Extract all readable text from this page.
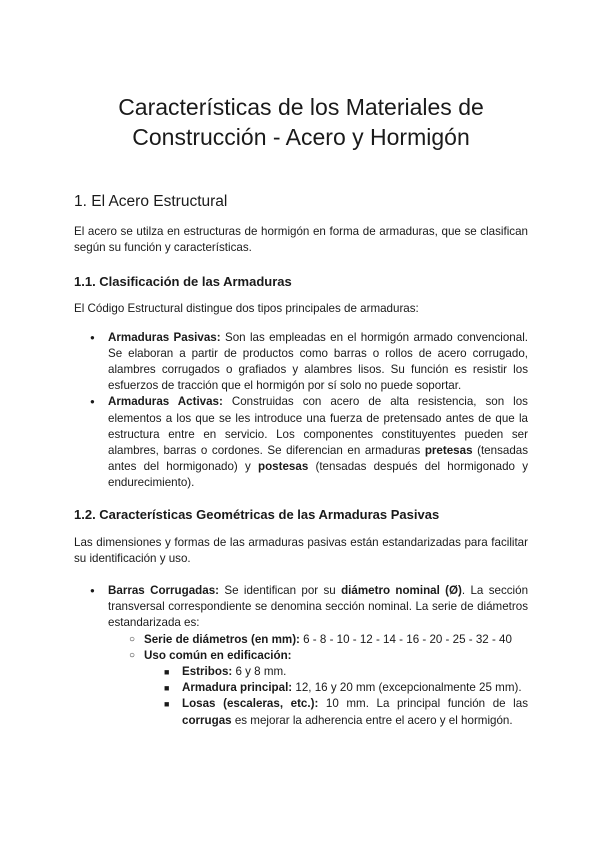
Características de los Materiales de Construcción - Acero y Hormigón
1. El Acero Estructural

El acero se utilza en estructuras de hormigón en forma de armaduras, que se clasifican según su función y características.

1.1. Clasificación de las Armaduras

El Código Estructural distingue dos tipos principales de armaduras:

● Armaduras Pasivas: Son las empleadas en el hormigón armado convencional. Se elaboran a partir de productos como barras o rollos de acero corrugado, alambres corrugados o grafiados y alambres lisos. Su función es resistir los esfuerzos de tracción que el hormigón por sí solo no puede soportar.
● Armaduras Activas: Construidas con acero de alta resistencia, son los elementos a los que se les introduce una fuerza de pretensado antes de que la estructura entre en servicio. Los componentes constituyentes pueden ser alambres, barras o cordones. Se diferencian en armaduras pretesas (tensadas antes del hormigonado) y postesas (tensadas después del hormigonado y endurecimiento).
1.2. Características Geométricas de las Armaduras Pasivas

Las dimensiones y formas de las armaduras pasivas están estandarizadas para facilitar su identificación y uso.

● Barras Corrugadas: Se identifican por su diámetro nominal (Ø). La sección transversal correspondiente se denomina sección nominal. La serie de diámetros estandarizada es:
○ Serie de diámetros (en mm): 6 - 8 - 10 - 12 - 14 - 16 - 20 - 25 - 32 - 40
○ Uso común en edificación:
■ Estribos: 6 y 8 mm.
■ Armadura principal: 12, 16 y 20 mm (excepcionalmente 25 mm).
■ Losas (escaleras, etc.): 10 mm. La principal función de las corrugas es mejorar la adherencia entre el acero y el hormigón.
